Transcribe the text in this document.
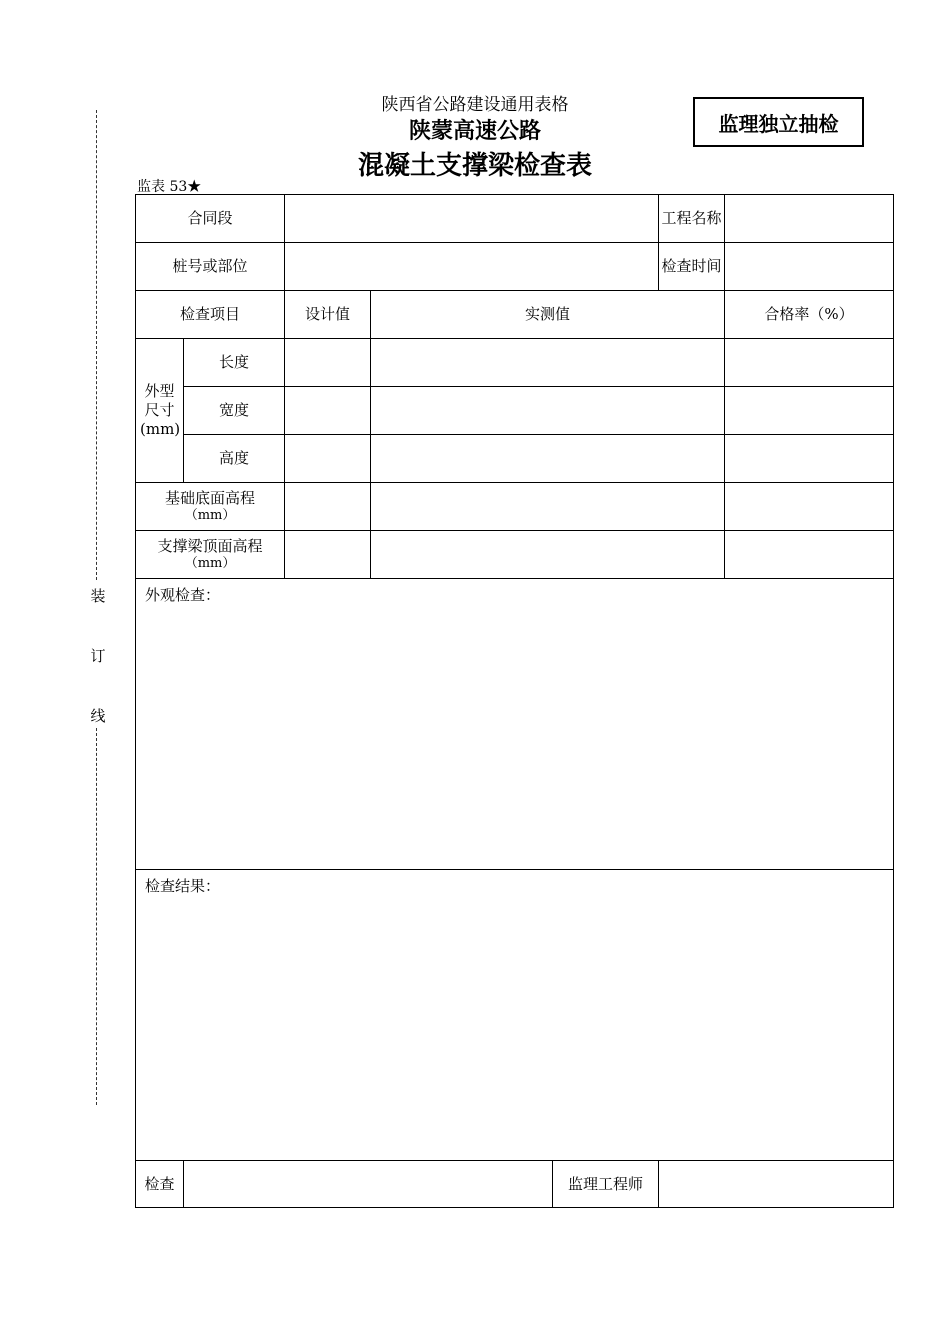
陕西省公路建设通用表格
陕蒙高速公路
混凝土支撑梁检查表
监理独立抽检
监表 53★
装
订
线
合同段					工程名称	
桩号或部位					检查时间	
检查项目		设计值	实测值			合格率（%）
外型尺寸(mm)	长度					
	宽度					
	高度					

基础底面高程
（mm）						

支撑梁顶面高程
（mm）						

外观检查：						
检查结果：						
检查				监理工程师		
